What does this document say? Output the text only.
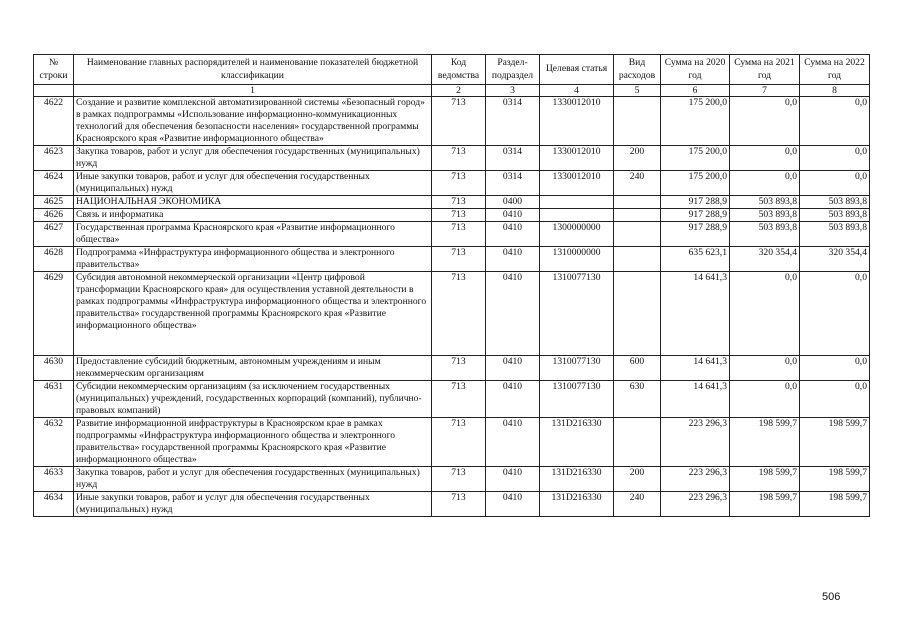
№ строки	Наименование главных распорядителей и наименование показателей бюджетной классификации	Код ведомства	Раздел-подраздел	Целевая статья	Вид расходов	Сумма на 2020 год	Сумма на 2021 год	Сумма на 2022 год
	1	2	3	4	5	6	7	8
4622	Создание и развитие комплексной автоматизированной системы «Безопасный город» в рамках подпрограммы «Использование информационно-коммуникационных технологий для обеспечения безопасности населения» государственной программы Красноярского края «Развитие информационного общества»	713	0314	1330012010		175 200,0	0,0	0,0
4623	Закупка товаров, работ и услуг для обеспечения государственных (муниципальных) нужд	713	0314	1330012010	200	175 200,0	0,0	0,0
4624	Иные закупки товаров, работ и услуг для обеспечения государственных (муниципальных) нужд	713	0314	1330012010	240	175 200,0	0,0	0,0
4625	НАЦИОНАЛЬНАЯ ЭКОНОМИКА	713	0400			917 288,9	503 893,8	503 893,8
4626	Связь и информатика	713	0410			917 288,9	503 893,8	503 893,8
4627	Государственная программа Красноярского края «Развитие информационного общества»	713	0410	1300000000		917 288,9	503 893,8	503 893,8
4628	Подпрограмма «Инфраструктура информационного общества и электронного правительства»	713	0410	1310000000		635 623,1	320 354,4	320 354,4
4629	Субсидия автономной некоммерческой организации «Центр цифровой трансформации Красноярского края» для осуществления уставной деятельности в рамках подпрограммы «Инфраструктура информационного общества и электронного правительства» государственной программы Красноярского края «Развитие информационного общества»	713	0410	1310077130		14 641,3	0,0	0,0
4630	Предоставление субсидий бюджетным, автономным учреждениям и иным некоммерческим организациям	713	0410	1310077130	600	14 641,3	0,0	0,0
4631	Субсидии некоммерческим организациям (за исключением государственных (муниципальных) учреждений, государственных корпораций (компаний), публично-правовых компаний)	713	0410	1310077130	630	14 641,3	0,0	0,0
4632	Развитие информационной инфраструктуры в Красноярском крае в рамках подпрограммы «Инфраструктура информационного общества и электронного правительства» государственной программы Красноярского края «Развитие информационного общества»	713	0410	131D216330		223 296,3	198 599,7	198 599,7
4633	Закупка товаров, работ и услуг для обеспечения государственных (муниципальных) нужд	713	0410	131D216330	200	223 296,3	198 599,7	198 599,7
4634	Иные закупки товаров, работ и услуг для обеспечения государственных (муниципальных) нужд	713	0410	131D216330	240	223 296,3	198 599,7	198 599,7
506
